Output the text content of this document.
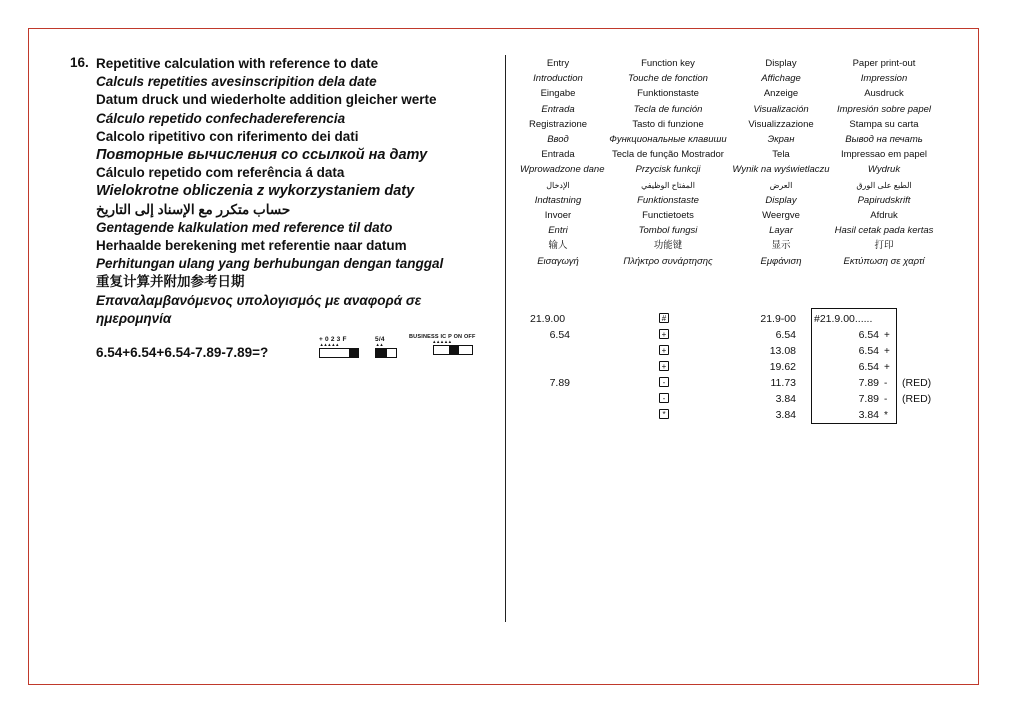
16. Repetitive calculation with reference to date
Calculs repetities avesinscripition dela date
Datum druck und wiederholte addition gleicher werte
Cálculo repetido confechadereferencia
Calcolo ripetitivo con riferimento dei dati
Повторные вычисления со ссылкой на дату
Cálculo repetido com referência á data
Wielokrotne obliczenia z wykorzystaniem daty
حساب متكرر مع الإسناد إلى التاريخ
Gentagende kalkulation med reference til dato
Herhaalde berekening met referentie naar datum
Perhitungan ulang yang berhubungan dengan tanggal
重复计算并附加参考日期
Επαναλαμβανόμενος υπολογισμός με αναφορά σε
ημερομηνία
6.54+6.54+6.54-7.89-7.89=?
+ 0 2 3 F
▴ ▴ ▴ ▴ ▴
5/4
▴ ▴
BUSINESS IC P ON OFF
▴ ▴ ▴ ▴ ▴
Entry
Introduction
Eingabe
Entrada
Registrazione
Ввод
Entrada
Wprowadzone dane
الإدخال
Indtastning
Invoer
Entri
输人
Εισαγωγή
Function key
Touche de fonction
Funktionstaste
Tecla de función
Tasto di funzione
Функциональные клавиши
Tecla de função Mostrador
Przycisk funkcji
المفتاح الوظيفي
Funktionstaste
Functietoets
Tombol fungsi
功能键
Πλήκτρο συνάρτησης
Display
Affichage
Anzeige
Visualización
Visualizzazione
Экран
Tela
Wynik na wyświetlaczu
العرض
Display
Weergve
Layar
显示
Εμφάνιση
Paper print-out
Impression
Ausdruck
Impresión sobre papel
Stampa su carta
Вывод на печать
Impressao em papel
Wydruk
الطبع على الورق
Papirudskrift
Afdruk
Hasil cetak pada kertas
打印
Εκτύπωση σε χαρτί
21.9.00
6.54
7.89
#
+
+
+
-
-
*
21.9-00
6.54
13.08
19.62
11.73
3.84
3.84
#21.9.00......
6.54
6.54
6.54
7.89
7.89
3.84
+
+
+
-
-
*
(RED)
(RED)
